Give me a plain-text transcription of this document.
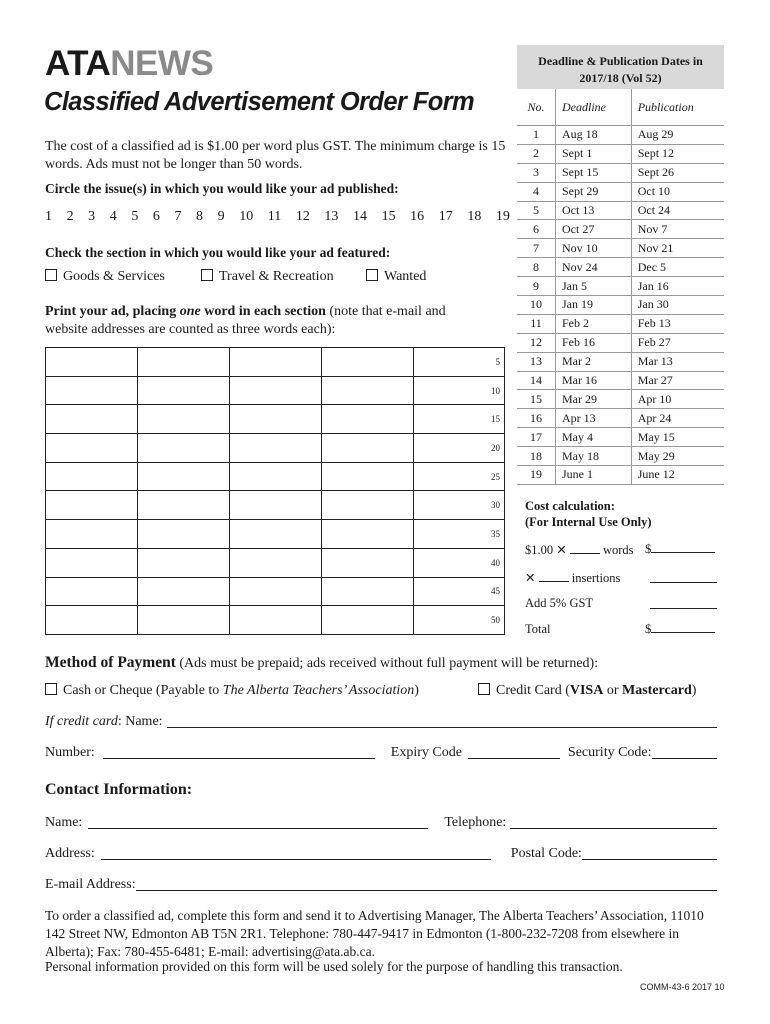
ATANEWS
Classified Advertisement Order Form
The cost of a classified ad is $1.00 per word plus GST. The minimum charge is 15 words. Ads must not be longer than 50 words.
Circle the issue(s) in which you would like your ad published:
1 2 3 4 5 6 7 8 9 10 11 12 13 14 15 16 17 18 19
Check the section in which you would like your ad featured:
Goods & Services	Travel & Recreation	Wanted
Print your ad, placing one word in each section (note that e-mail and website addresses are counted as three words each):
				5
				10
				15
				20
				25
				30
				35
				40
				45
				50
Deadline & Publication Dates in
2017/18 (Vol 52)
No.	Deadline	Publication
1	Aug 18	Aug 29
2	Sept 1	Sept 12
3	Sept 15	Sept 26
4	Sept 29	Oct 10
5	Oct 13	Oct 24
6	Oct 27	Nov 7
7	Nov 10	Nov 21
8	Nov 24	Dec 5
9	Jan 5	Jan 16
10	Jan 19	Jan 30
11	Feb 2	Feb 13
12	Feb 16	Feb 27
13	Mar 2	Mar 13
14	Mar 16	Mar 27
15	Mar 29	Apr 10
16	Apr 13	Apr 24
17	May 4	May 15
18	May 18	May 29
19	June 1	June 12
Cost calculation:
(For Internal Use Only)
$1.00 ✕	words $
✕	insertions
Add 5% GST
Total	$
Method of Payment (Ads must be prepaid; ads received without full payment will be returned):
Cash or Cheque (Payable to The Alberta Teachers’ Association)	Credit Card (VISA or Mastercard)
If credit card : Name:
Number:	Expiry Code	Security Code:
Contact Information:
Name:	Telephone:
Address:	Postal Code:
E-mail Address:
To order a classified ad, complete this form and send it to Advertising Manager, The Alberta Teachers’ Association, 11010 142 Street NW, Edmonton AB T5N 2R1. Telephone: 780-447-9417 in Edmonton (1-800-232-7208 from elsewhere in Alberta); Fax: 780-455-6481; E-mail: advertising@ata.ab.ca.
Personal information provided on this form will be used solely for the purpose of handling this transaction.
COMM-43-6 2017 10
